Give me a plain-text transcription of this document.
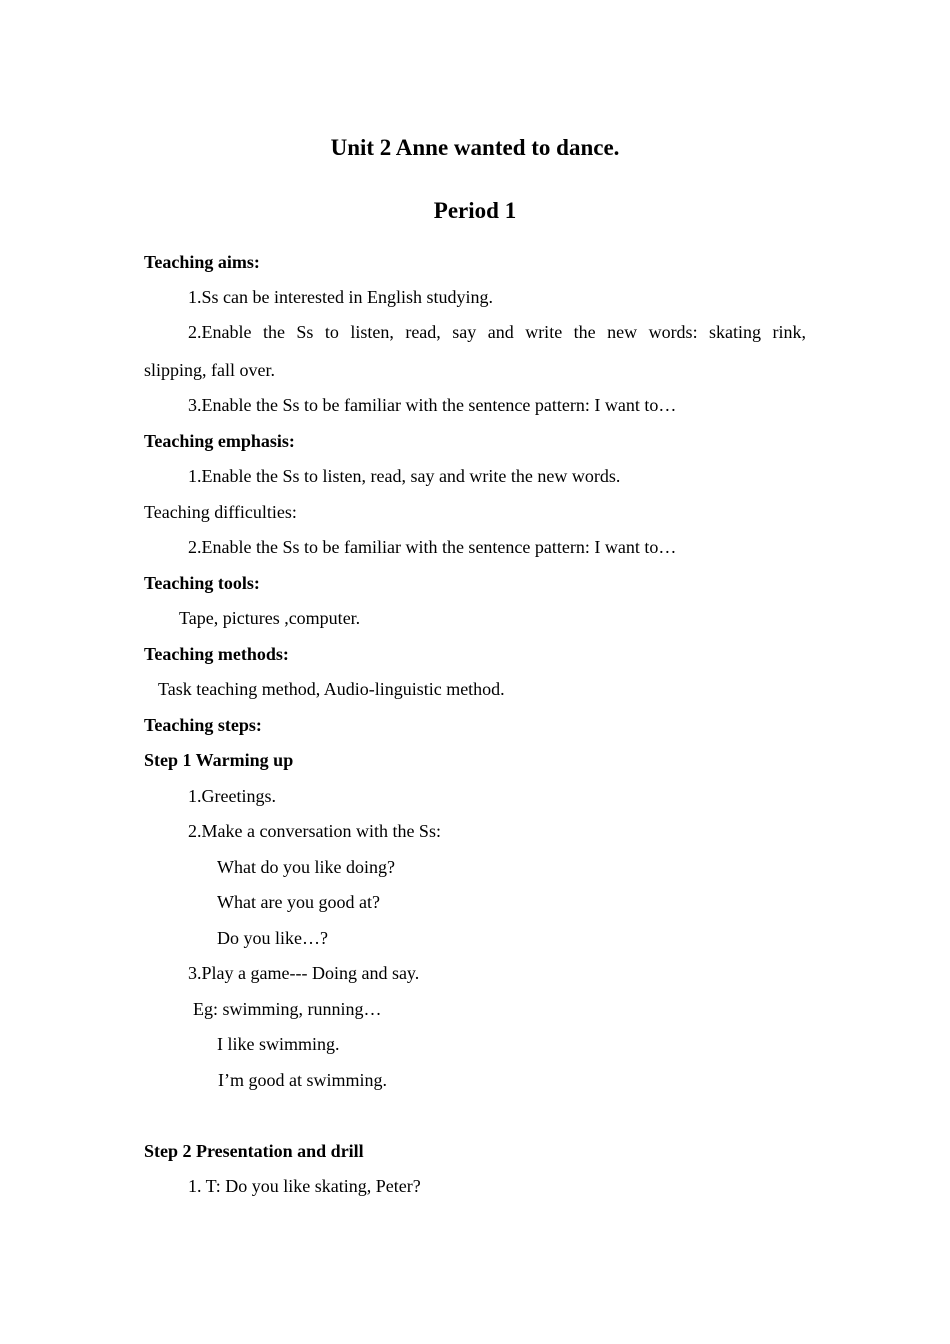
Unit 2 Anne wanted to dance.
Period 1

Teaching aims:

1.Ss can be interested in English studying.

2.Enable the Ss to listen, read, say and write the new words: skating rink,

slipping, fall over.

3.Enable the Ss to be familiar with the sentence pattern: I want to…

Teaching emphasis:

1.Enable the Ss to listen, read, say and write the new words.

Teaching difficulties:

2.Enable the Ss to be familiar with the sentence pattern: I want to…

Teaching tools:

Tape, pictures ,computer.

Teaching methods:

Task teaching method, Audio-linguistic method.

Teaching steps:

Step 1 Warming up

1.Greetings.

2.Make a conversation with the Ss:

What do you like doing?

What are you good at?

Do you like…?

3.Play a game--- Doing and say.

Eg: swimming, running…

I like swimming.

I’m good at swimming.

Step 2 Presentation and drill

1. T: Do you like skating, Peter?
